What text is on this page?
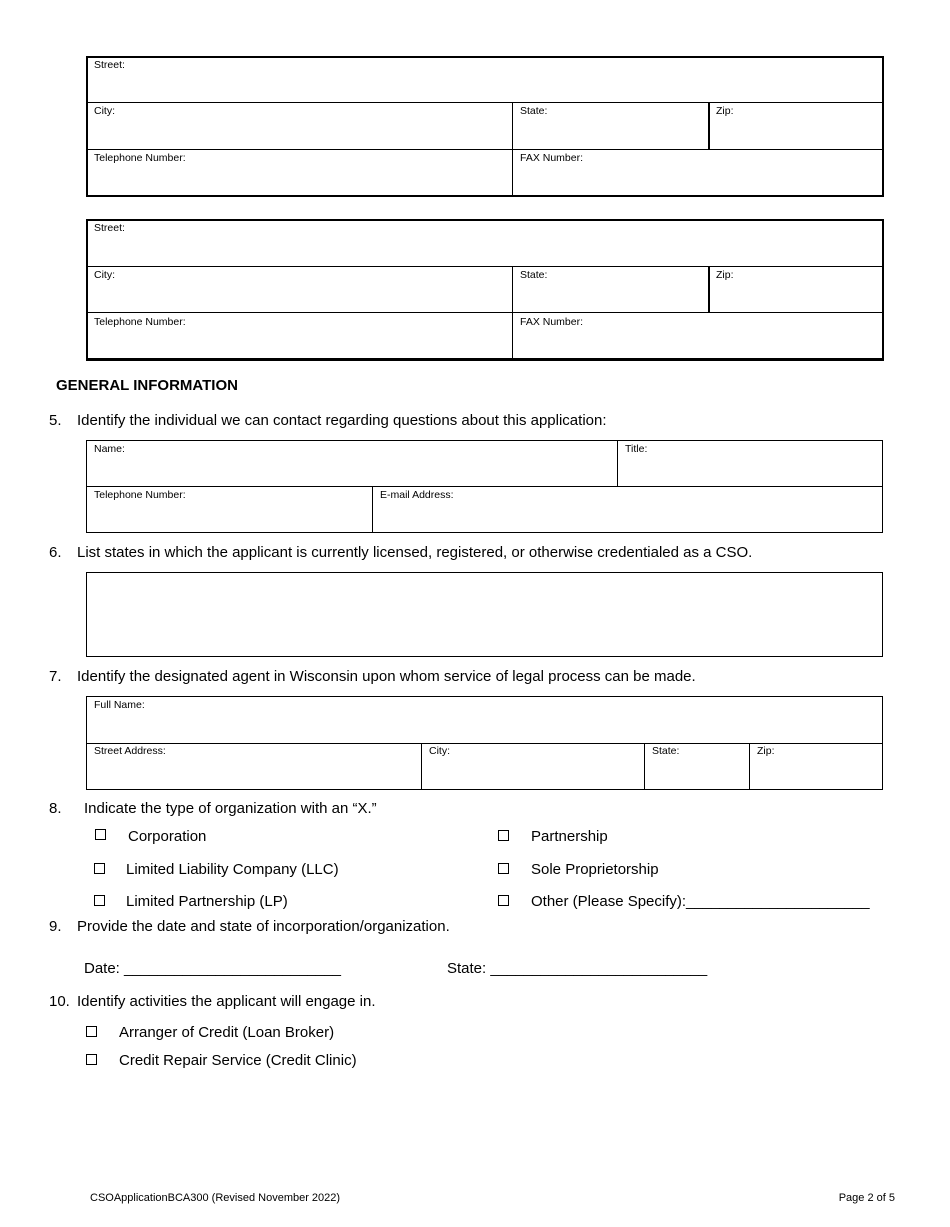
Street:
City:	State:	Zip:
Telephone Number:	FAX Number:
Street:
City:	State:	Zip:
Telephone Number:	FAX Number:
GENERAL INFORMATION
5. Identify the individual we can contact regarding questions about this application:
Name:	Title:
Telephone Number:	E-mail Address:
6. List states in which the applicant is currently licensed, registered, or otherwise credentialed as a CSO.
7. Identify the designated agent in Wisconsin upon whom service of legal process can be made.
Full Name:
Street Address:	City:	State:	Zip:
8. Indicate the type of organization with an “X.”
Corporation	Partnership
Limited Liability Company (LLC)	Sole Proprietorship
Limited Partnership (LP)	Other (Please Specify):______________________
9. Provide the date and state of incorporation/organization.
Date: __________________________	State: __________________________
10. Identify activities the applicant will engage in.
Arranger of Credit (Loan Broker)
Credit Repair Service (Credit Clinic)
CSOApplicationBCA300 (Revised November 2022)	Page 2 of 5
